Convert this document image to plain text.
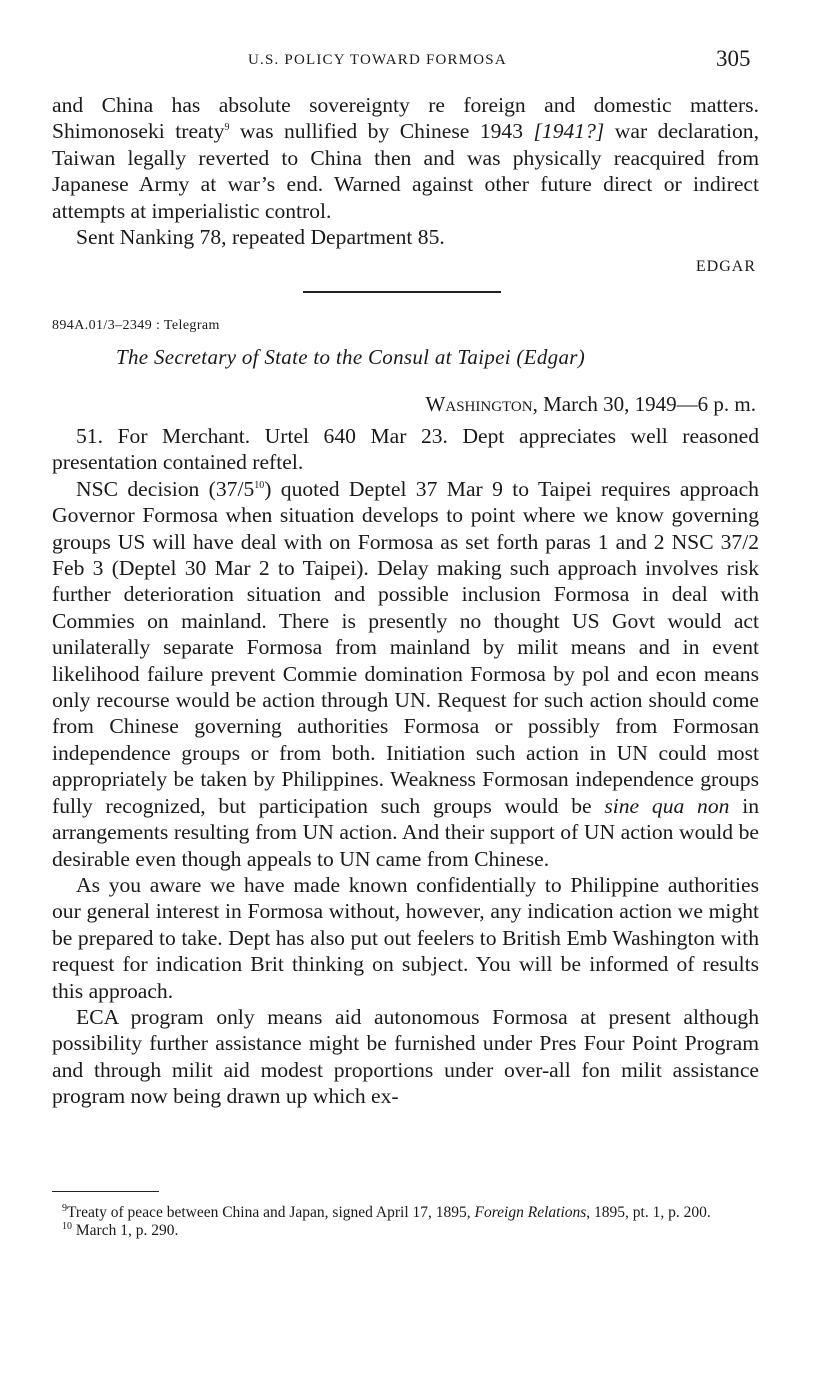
U.S. POLICY TOWARD FORMOSA	305

and China has absolute sovereignty re foreign and domestic matters. Shimonoseki treaty$^9$ was nullified by Chinese 1943 [1941?] war declaration, Taiwan legally reverted to China then and was physically reacquired from Japanese Army at war’s end. Warned against other future direct or indirect attempts at imperialistic control.

Sent Nanking 78, repeated Department 85.

EDGAR
894A.01/3–2349 : Telegram
The Secretary of State to the Consul at Taipei (Edgar)
Washington, March 30, 1949—6 p. m.

51. For Merchant. Urtel 640 Mar 23. Dept appreciates well reasoned presentation contained reftel.

NSC decision $(37/5^{10})$ quoted Deptel 37 Mar 9 to Taipei requires approach Governor Formosa when situation develops to point where we know governing groups US will have deal with on Formosa as set forth paras 1 and 2 NSC 37/2 Feb 3 (Deptel 30 Mar 2 to Taipei). Delay making such approach involves risk further deterioration situation and possible inclusion Formosa in deal with Commies on mainland. There is presently no thought US Govt would act unilaterally separate Formosa from mainland by milit means and in event likelihood failure prevent Commie domination Formosa by pol and econ means only recourse would be action through UN. Request for such action should come from Chinese governing authorities Formosa or possibly from Formosan independence groups or from both. Initiation such action in UN could most appropriately be taken by Philippines. Weakness Formosan independence groups fully recognized, but participation such groups would be sine qua non in arrangements resulting from UN action. And their support of UN action would be desirable even though appeals to UN came from Chinese.

As you aware we have made known confidentially to Philippine authorities our general interest in Formosa without, however, any indication action we might be prepared to take. Dept has also put out feelers to British Emb Washington with request for indication Brit thinking on subject. You will be informed of results this approach.

ECA program only means aid autonomous Formosa at present although possibility further assistance might be furnished under Pres Four Point Program and through milit aid modest proportions under over-all fon milit assistance program now being drawn up which ex-

$^9$Treaty of peace between China and Japan, signed April 17, 1895, Foreign Relations, 1895, pt. 1, p. 200.

$^{10}$ March 1, p. 290.
